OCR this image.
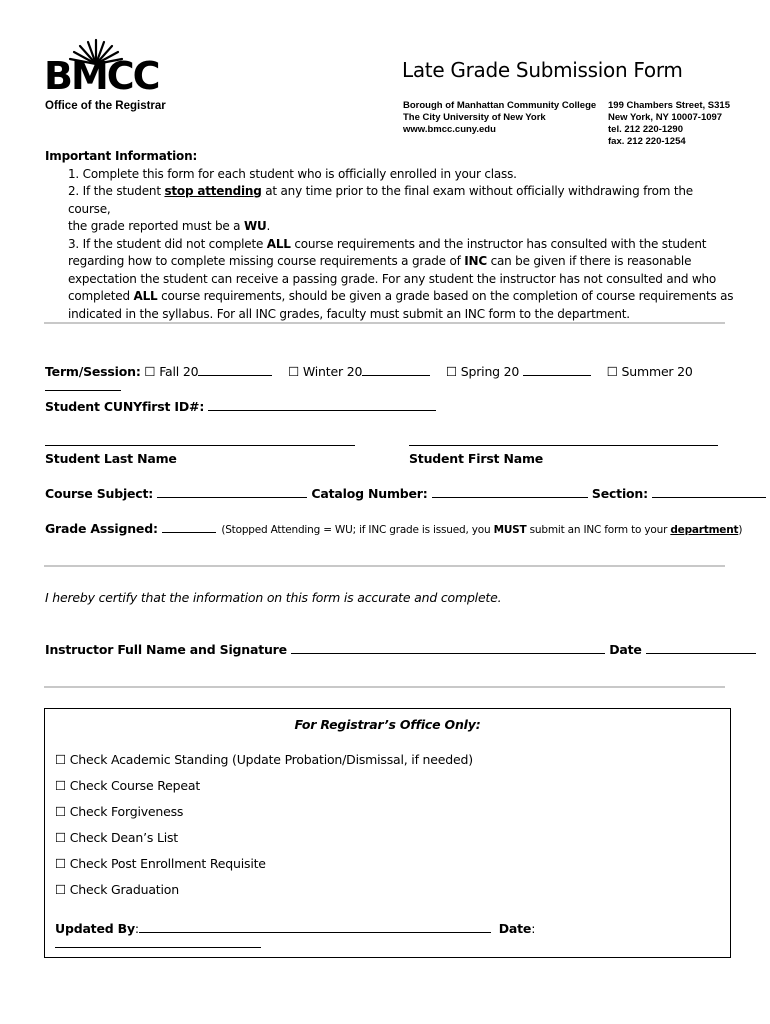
BMCC
Office of the Registrar
Late Grade Submission Form
Borough of Manhattan Community College
The City University of New York
www.bmcc.cuny.edu
199 Chambers Street, S315
New York, NY 10007-1097
tel. 212 220-1290
fax. 212 220-1254
Important Information:
1. Complete this form for each student who is officially enrolled in your class.
2. If the student stop attending at any time prior to the final exam without officially withdrawing from the course,
the grade reported must be a WU.
3. If the student did not complete ALL course requirements and the instructor has consulted with the student
regarding how to complete missing course requirements a grade of INC can be given if there is reasonable
expectation the student can receive a passing grade. For any student the instructor has not consulted and who
completed ALL course requirements, should be given a grade based on the completion of course requirements as
indicated in the syllabus. For all INC grades, faculty must submit an INC form to the department.
Term/Session: ☐ Fall 20	☐ Winter 20	☐ Spring 20	☐ Summer 20
Student CUNYfirst ID#:
Student Last Name	Student First Name
Course Subject:	Catalog Number:	Section:
Grade Assigned:	(Stopped Attending = WU; if INC grade is issued, you MUST submit an INC form to your department)
I hereby certify that the information on this form is accurate and complete.
Instructor Full Name and Signature	Date
For Registrar’s Office Only:
☐ Check Academic Standing (Update Probation/Dismissal, if needed)
☐ Check Course Repeat
☐ Check Forgiveness
☐ Check Dean’s List
☐ Check Post Enrollment Requisite
☐ Check Graduation
Updated By:	Date:
